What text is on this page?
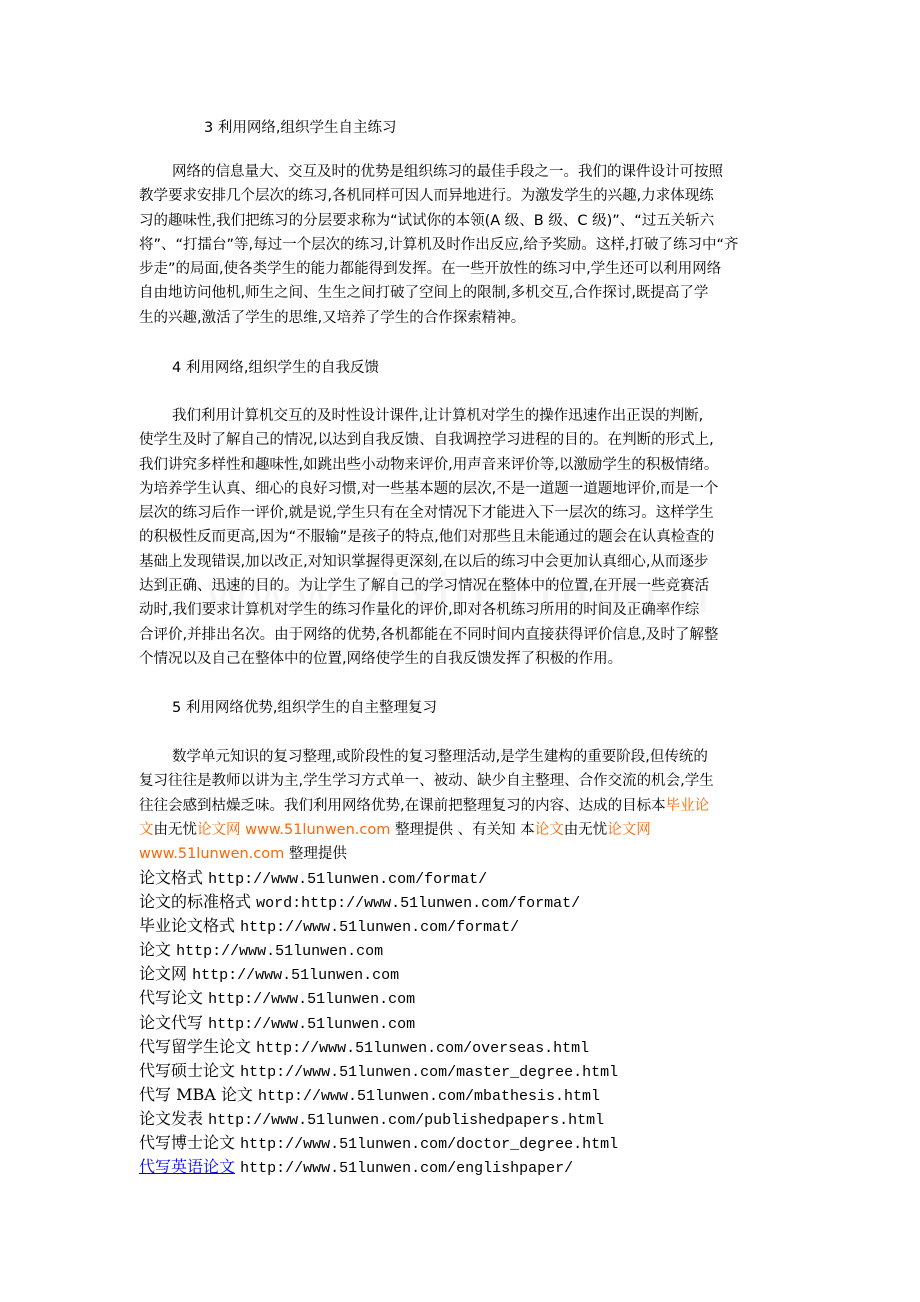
3 利用网络,组织学生自主练习
网络的信息量大、交互及时的优势是组织练习的最佳手段之一。我们的课件设计可按照
教学要求安排几个层次的练习,各机同样可因人而异地进行。为激发学生的兴趣,力求体现练
习的趣味性,我们把练习的分层要求称为“试试你的本领(A 级、B 级、C 级)”、“过五关斩六
将”、“打擂台”等,每过一个层次的练习,计算机及时作出反应,给予奖励。这样,打破了练习中“齐
步走”的局面,使各类学生的能力都能得到发挥。在一些开放性的练习中,学生还可以利用网络
自由地访问他机,师生之间、生生之间打破了空间上的限制,多机交互,合作探讨,既提高了学
生的兴趣,激活了学生的思维,又培养了学生的合作探索精神。
4 利用网络,组织学生的自我反馈
我们利用计算机交互的及时性设计课件,让计算机对学生的操作迅速作出正误的判断,
使学生及时了解自己的情况,以达到自我反馈、自我调控学习进程的目的。在判断的形式上,
我们讲究多样性和趣味性,如跳出些小动物来评价,用声音来评价等,以激励学生的积极情绪。
为培养学生认真、细心的良好习惯,对一些基本题的层次,不是一道题一道题地评价,而是一个
层次的练习后作一评价,就是说,学生只有在全对情况下才能进入下一层次的练习。这样学生
的积极性反而更高,因为“不服输”是孩子的特点,他们对那些且未能通过的题会在认真检查的
基础上发现错误,加以改正,对知识掌握得更深刻,在以后的练习中会更加认真细心,从而逐步
达到正确、迅速的目的。为让学生了解自己的学习情况在整体中的位置,在开展一些竞赛活
动时,我们要求计算机对学生的练习作量化的评价,即对各机练习所用的时间及正确率作综
合评价,并排出名次。由于网络的优势,各机都能在不同时间内直接获得评价信息,及时了解整
个情况以及自己在整体中的位置,网络使学生的自我反馈发挥了积极的作用。
5 利用网络优势,组织学生的自主整理复习
数学单元知识的复习整理,或阶段性的复习整理活动,是学生建构的重要阶段,但传统的
复习往往是教师以讲为主,学生学习方式单一、被动、缺少自主整理、合作交流的机会,学生
往往会感到枯燥乏味。我们利用网络优势,在课前把整理复习的内容、达成的目标本毕业论
文由无忧论文网 www.51lunwen.com 整理提供 、有关知 本论文由无忧论文网
www.51lunwen.com 整理提供
论文格式 http://www.51lunwen.com/format/
论文的标准格式 word:http://www.51lunwen.com/format/
毕业论文格式 http://www.51lunwen.com/format/
论文 http://www.51lunwen.com
论文网 http://www.51lunwen.com
代写论文 http://www.51lunwen.com
论文代写 http://www.51lunwen.com
代写留学生论文 http://www.51lunwen.com/overseas.html
代写硕士论文 http://www.51lunwen.com/master_degree.html
代写 MBA 论文 http://www.51lunwen.com/mbathesis.html
论文发表 http://www.51lunwen.com/publishedpapers.html
代写博士论文 http://www.51lunwen.com/doctor_degree.html
代写英语论文 http://www.51lunwen.com/englishpaper/
